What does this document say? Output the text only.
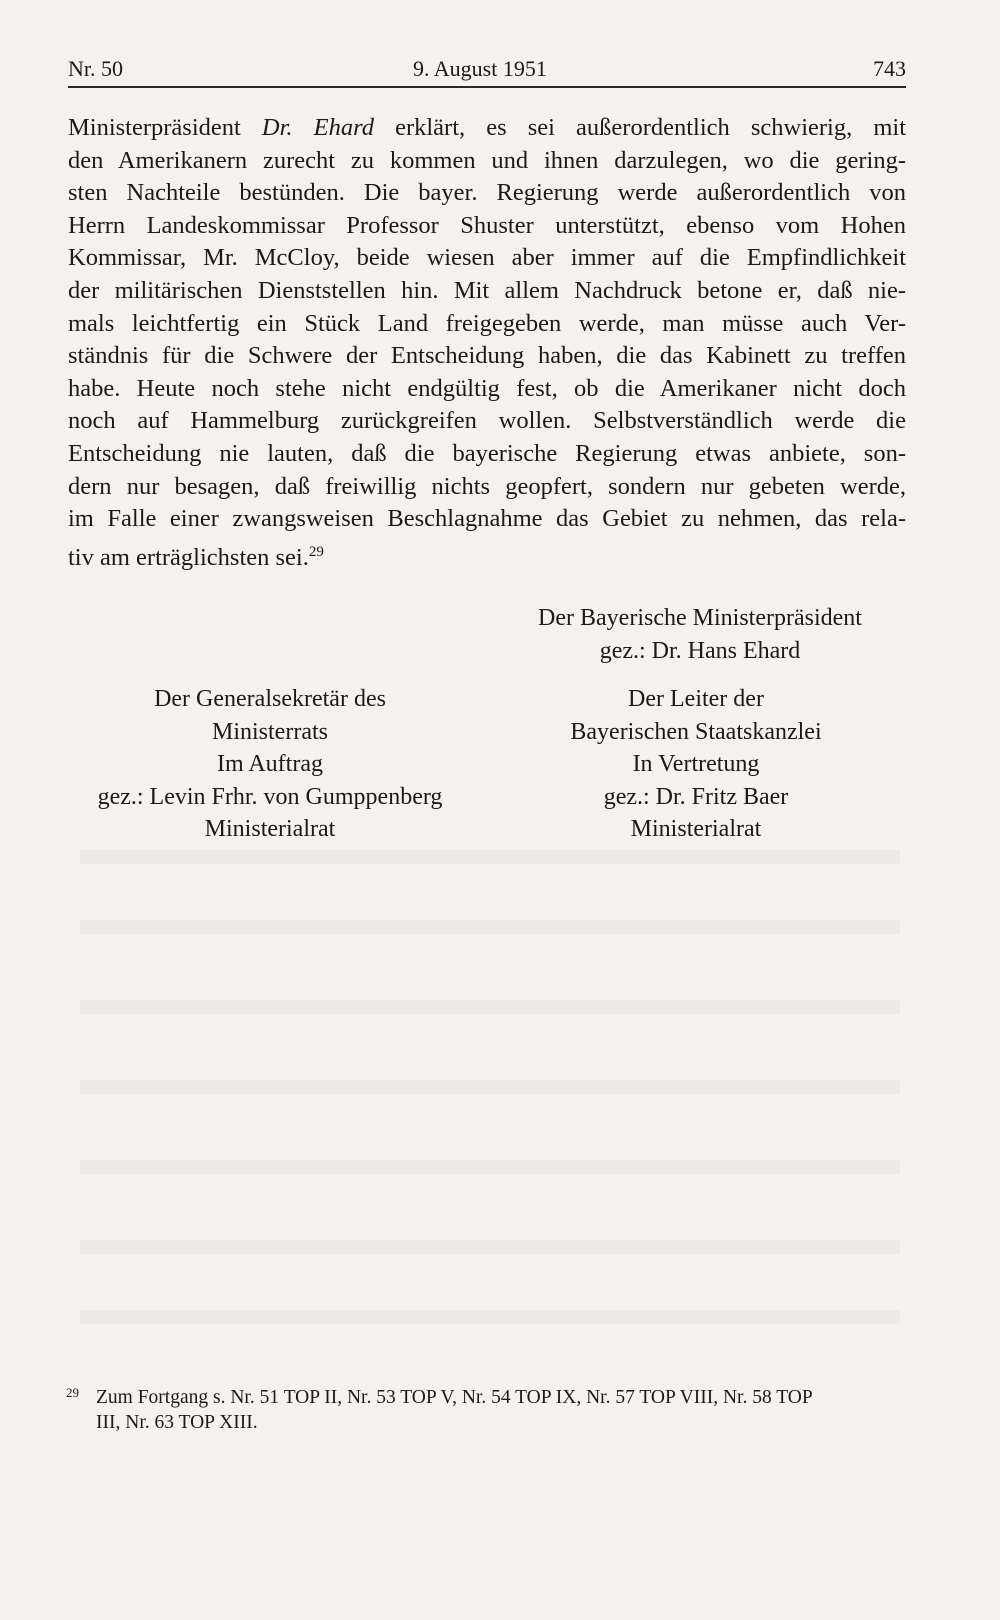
Nr. 50	9. August 1951	743
Ministerpräsident Dr. Ehard erklärt, es sei außerordentlich schwierig, mit
den Amerikanern zurecht zu kommen und ihnen darzulegen, wo die gering-
sten Nachteile bestünden. Die bayer. Regierung werde außerordentlich von
Herrn Landeskommissar Professor Shuster unterstützt, ebenso vom Hohen
Kommissar, Mr. McCloy, beide wiesen aber immer auf die Empfindlichkeit
der militärischen Dienststellen hin. Mit allem Nachdruck betone er, daß nie-
mals leichtfertig ein Stück Land freigegeben werde, man müsse auch Ver-
ständnis für die Schwere der Entscheidung haben, die das Kabinett zu treffen
habe. Heute noch stehe nicht endgültig fest, ob die Amerikaner nicht doch
noch auf Hammelburg zurückgreifen wollen. Selbstverständlich werde die
Entscheidung nie lauten, daß die bayerische Regierung etwas anbiete, son-
dern nur besagen, daß freiwillig nichts geopfert, sondern nur gebeten werde,
im Falle einer zwangsweisen Beschlagnahme das Gebiet zu nehmen, das rela-
tiv am erträglichsten sei.$^{29}$
Der Bayerische Ministerpräsident
gez.: Dr. Hans Ehard
Der Generalsekretär des
Ministerrats
Im Auftrag
gez.: Levin Frhr. von Gumppenberg
Ministerialrat
Der Leiter der
Bayerischen Staatskanzlei
In Vertretung
gez.: Dr. Fritz Baer
Ministerialrat
29 Zum Fortgang s. Nr. 51 TOP II, Nr. 53 TOP V, Nr. 54 TOP IX, Nr. 57 TOP VIII, Nr. 58 TOP
III, Nr. 63 TOP XIII.
